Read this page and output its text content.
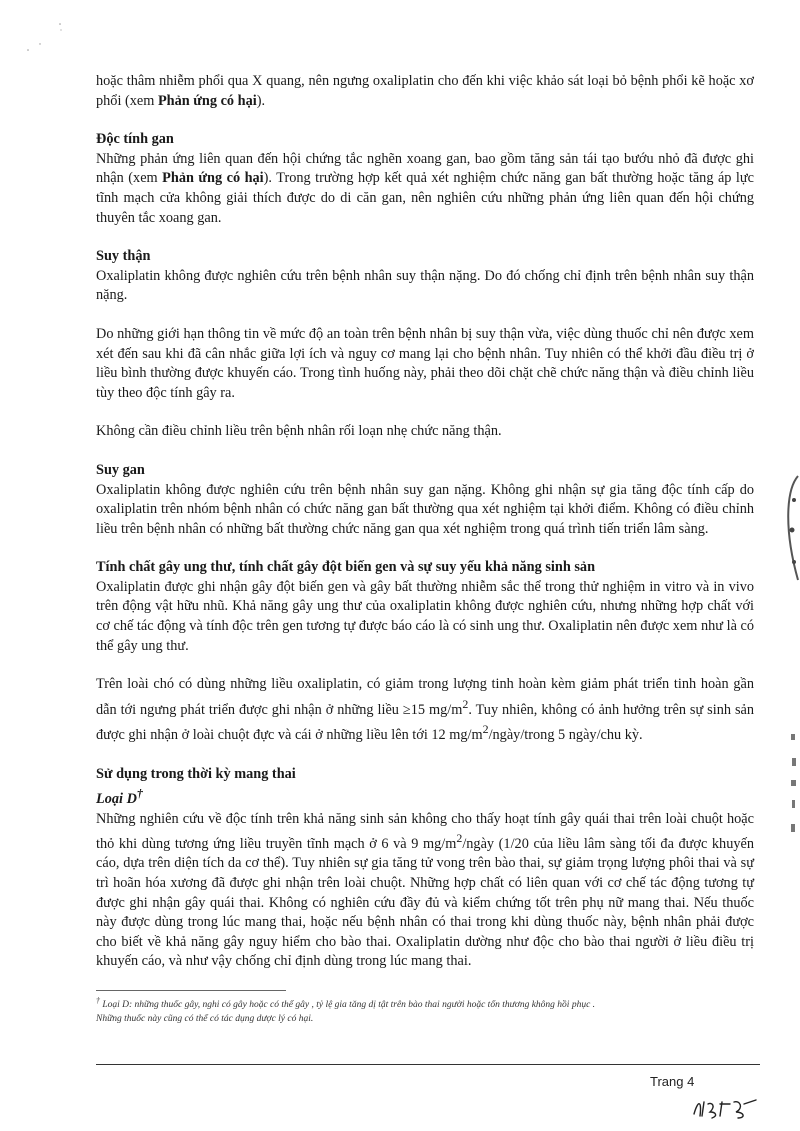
hoặc thâm nhiễm phổi qua X quang, nên ngưng oxaliplatin cho đến khi việc khảo sát loại bỏ bệnh phổi kẽ hoặc xơ phổi (xem Phản ứng có hại).

Độc tính gan

Những phản ứng liên quan đến hội chứng tắc nghẽn xoang gan, bao gồm tăng sản tái tạo bướu nhỏ đã được ghi nhận (xem Phản ứng có hại). Trong trường hợp kết quả xét nghiệm chức năng gan bất thường hoặc tăng áp lực tĩnh mạch cửa không giải thích được do di căn gan, nên nghiên cứu những phản ứng liên quan đến hội chứng thuyên tắc xoang gan.

Suy thận

Oxaliplatin không được nghiên cứu trên bệnh nhân suy thận nặng. Do đó chống chỉ định trên bệnh nhân suy thận nặng.

Do những giới hạn thông tin về mức độ an toàn trên bệnh nhân bị suy thận vừa, việc dùng thuốc chỉ nên được xem xét đến sau khi đã cân nhắc giữa lợi ích và nguy cơ mang lại cho bệnh nhân. Tuy nhiên có thể khởi đầu điều trị ở liều bình thường được khuyến cáo. Trong tình huống này, phải theo dõi chặt chẽ chức năng thận và điều chỉnh liều tùy theo độc tính gây ra.

Không cần điều chỉnh liều trên bệnh nhân rối loạn nhẹ chức năng thận.

Suy gan

Oxaliplatin không được nghiên cứu trên bệnh nhân suy gan nặng. Không ghi nhận sự gia tăng độc tính cấp do oxaliplatin trên nhóm bệnh nhân có chức năng gan bất thường qua xét nghiệm tại khởi điểm. Không có điều chỉnh liều trên bệnh nhân có những bất thường chức năng gan qua xét nghiệm trong quá trình tiến triển lâm sàng.

Tính chất gây ung thư, tính chất gây đột biến gen và sự suy yếu khả năng sinh sản

Oxaliplatin được ghi nhận gây đột biến gen và gây bất thường nhiễm sắc thể trong thử nghiệm in vitro và in vivo trên động vật hữu nhũ. Khả năng gây ung thư của oxaliplatin không được nghiên cứu, nhưng những hợp chất với cơ chế tác động và tính độc trên gen tương tự được báo cáo là có sinh ung thư. Oxaliplatin nên được xem như là có thể gây ung thư.

Trên loài chó có dùng những liều oxaliplatin, có giảm trong lượng tinh hoàn kèm giảm phát triển tinh hoàn gần dẫn tới ngưng phát triển được ghi nhận ở những liều ≥15 $mg/m^2$. Tuy nhiên, không có ảnh hưởng trên sự sinh sản được ghi nhận ở loài chuột đực và cái ở những liều lên tới 12 $mg/m^2/ngày$/trong 5 ngày/chu kỳ.

Sử dụng trong thời kỳ mang thai
Loại D†

Những nghiên cứu về độc tính trên khả năng sinh sản không cho thấy hoạt tính gây quái thai trên loài chuột hoặc thỏ khi dùng tương ứng liều truyền tĩnh mạch ở 6 và 9 $mg/m^2$/ngày (1/20 của liều lâm sàng tối đa được khuyến cáo, dựa trên diện tích da cơ thể). Tuy nhiên sự gia tăng tử vong trên bào thai, sự giảm trọng lượng phôi thai và sự trì hoãn hóa xương đã được ghi nhận trên loài chuột. Những hợp chất có liên quan với cơ chế tác động tương tự được ghi nhận gây quái thai. Không có nghiên cứu đầy đủ và kiểm chứng tốt trên phụ nữ mang thai. Nếu thuốc này được dùng trong lúc mang thai, hoặc nếu bệnh nhân có thai trong khi dùng thuốc này, bệnh nhân phải được cho biết về khả năng gây nguy hiểm cho bào thai. Oxaliplatin dường như độc cho bào thai người ở liều điều trị khuyến cáo, và như vậy chống chỉ định dùng trong lúc mang thai.

† Loại D: những thuốc gây, nghi có gây hoặc có thể gây , tỷ lệ gia tăng dị tật trên bào thai người hoặc tổn thương không hồi phục .
Những thuốc này cũng có thể có tác dụng dược lý có hại.
Trang 4
